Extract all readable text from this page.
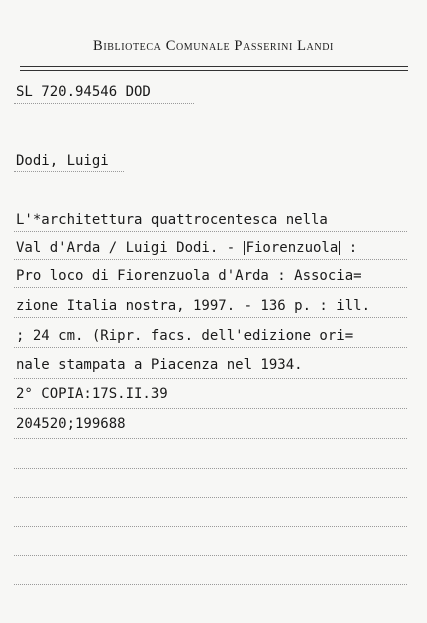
Biblioteca Comunale Passerini Landi
SL 720.94546 DOD
Dodi, Luigi
L'*architettura quattrocentesca nella
Val d'Arda / Luigi Dodi. - Fiorenzuola :
Pro loco di Fiorenzuola d'Arda : Associa=
zione Italia nostra, 1997. - 136 p. : ill.
; 24 cm. (Ripr. facs. dell'edizione ori=
nale stampata a Piacenza nel 1934.
2° COPIA:17S.II.39
204520;199688
